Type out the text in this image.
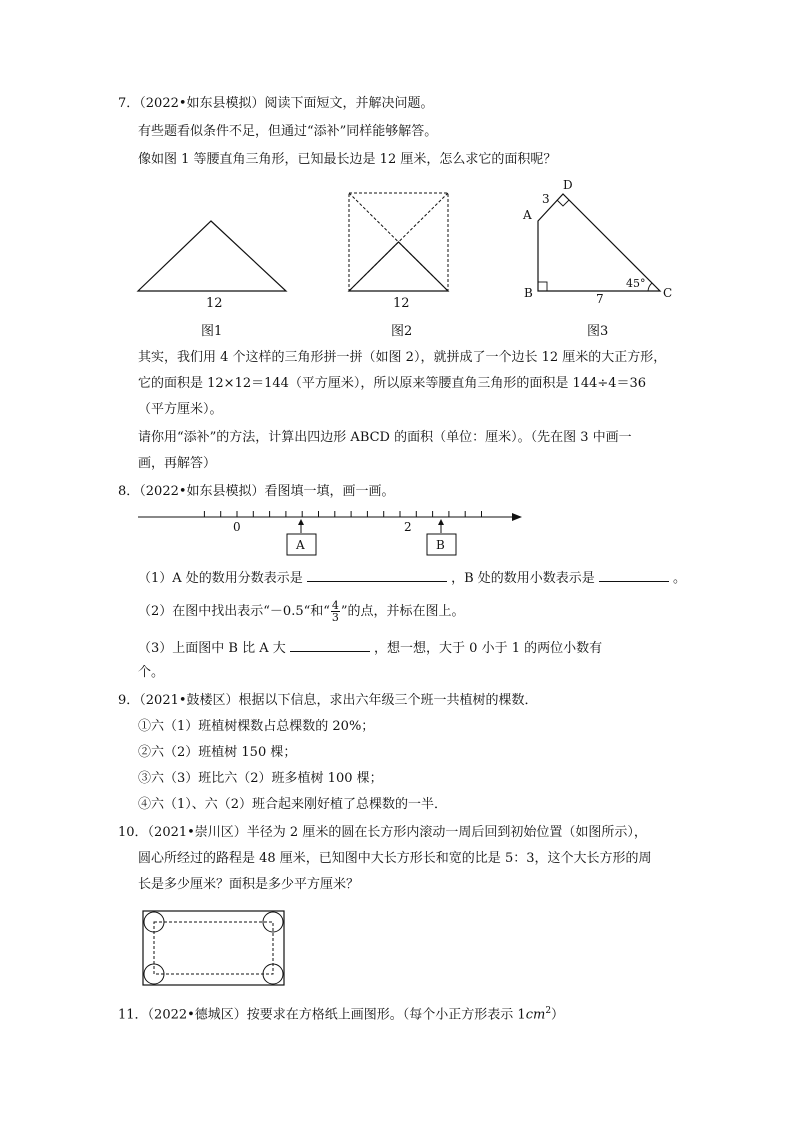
7．（2022•如东县模拟）阅读下面短文，并解决问题。
有些题看似条件不足，但通过“添补”同样能够解答。
像如图 1 等腰直角三角形，已知最长边是 12 厘米，怎么求它的面积呢？
12
图1
12
图2
D
3
A
B	7
45°
C
图3
其实，我们用 4 个这样的三角形拼一拼（如图 2），就拼成了一个边长 12 厘米的大正方形，
它的面积是 12×12＝144（平方厘米），所以原来等腰直角三角形的面积是 144÷4＝36
（平方厘米）。
请你用“添补”的方法，计算出四边形 ABCD 的面积（单位：厘米）。（先在图 3 中画一
画，再解答）
8．（2022•如东县模拟）看图填一填，画一画。
0	2
A	B
（1）A 处的数用分数表示是	，B 处的数用小数表示是	。
（2）在图中找出表示“－0.5“和“ $\frac{4}{3}$ ”的点，并标在图上。
（3）上面图中 B 比 A 大	，想一想，大于 0 小于 1 的两位小数有
个。
9．（2021•鼓楼区）根据以下信息，求出六年级三个班一共植树的棵数．
①六（1）班植树棵数占总棵数的 20%；
②六（2）班植树 150 棵；
③六（3）班比六（2）班多植树 100 棵；
④六（1）、六（2）班合起来刚好植了总棵数的一半．
10．（2021•崇川区）半径为 2 厘米的圆在长方形内滚动一周后回到初始位置（如图所示），
圆心所经过的路程是 48 厘米，已知图中大长方形长和宽的比是 5：3，这个大长方形的周
长是多少厘米？面积是多少平方厘米？
11．（2022•德城区）按要求在方格纸上画图形。（每个小正方形表示 $1cm^2$）
